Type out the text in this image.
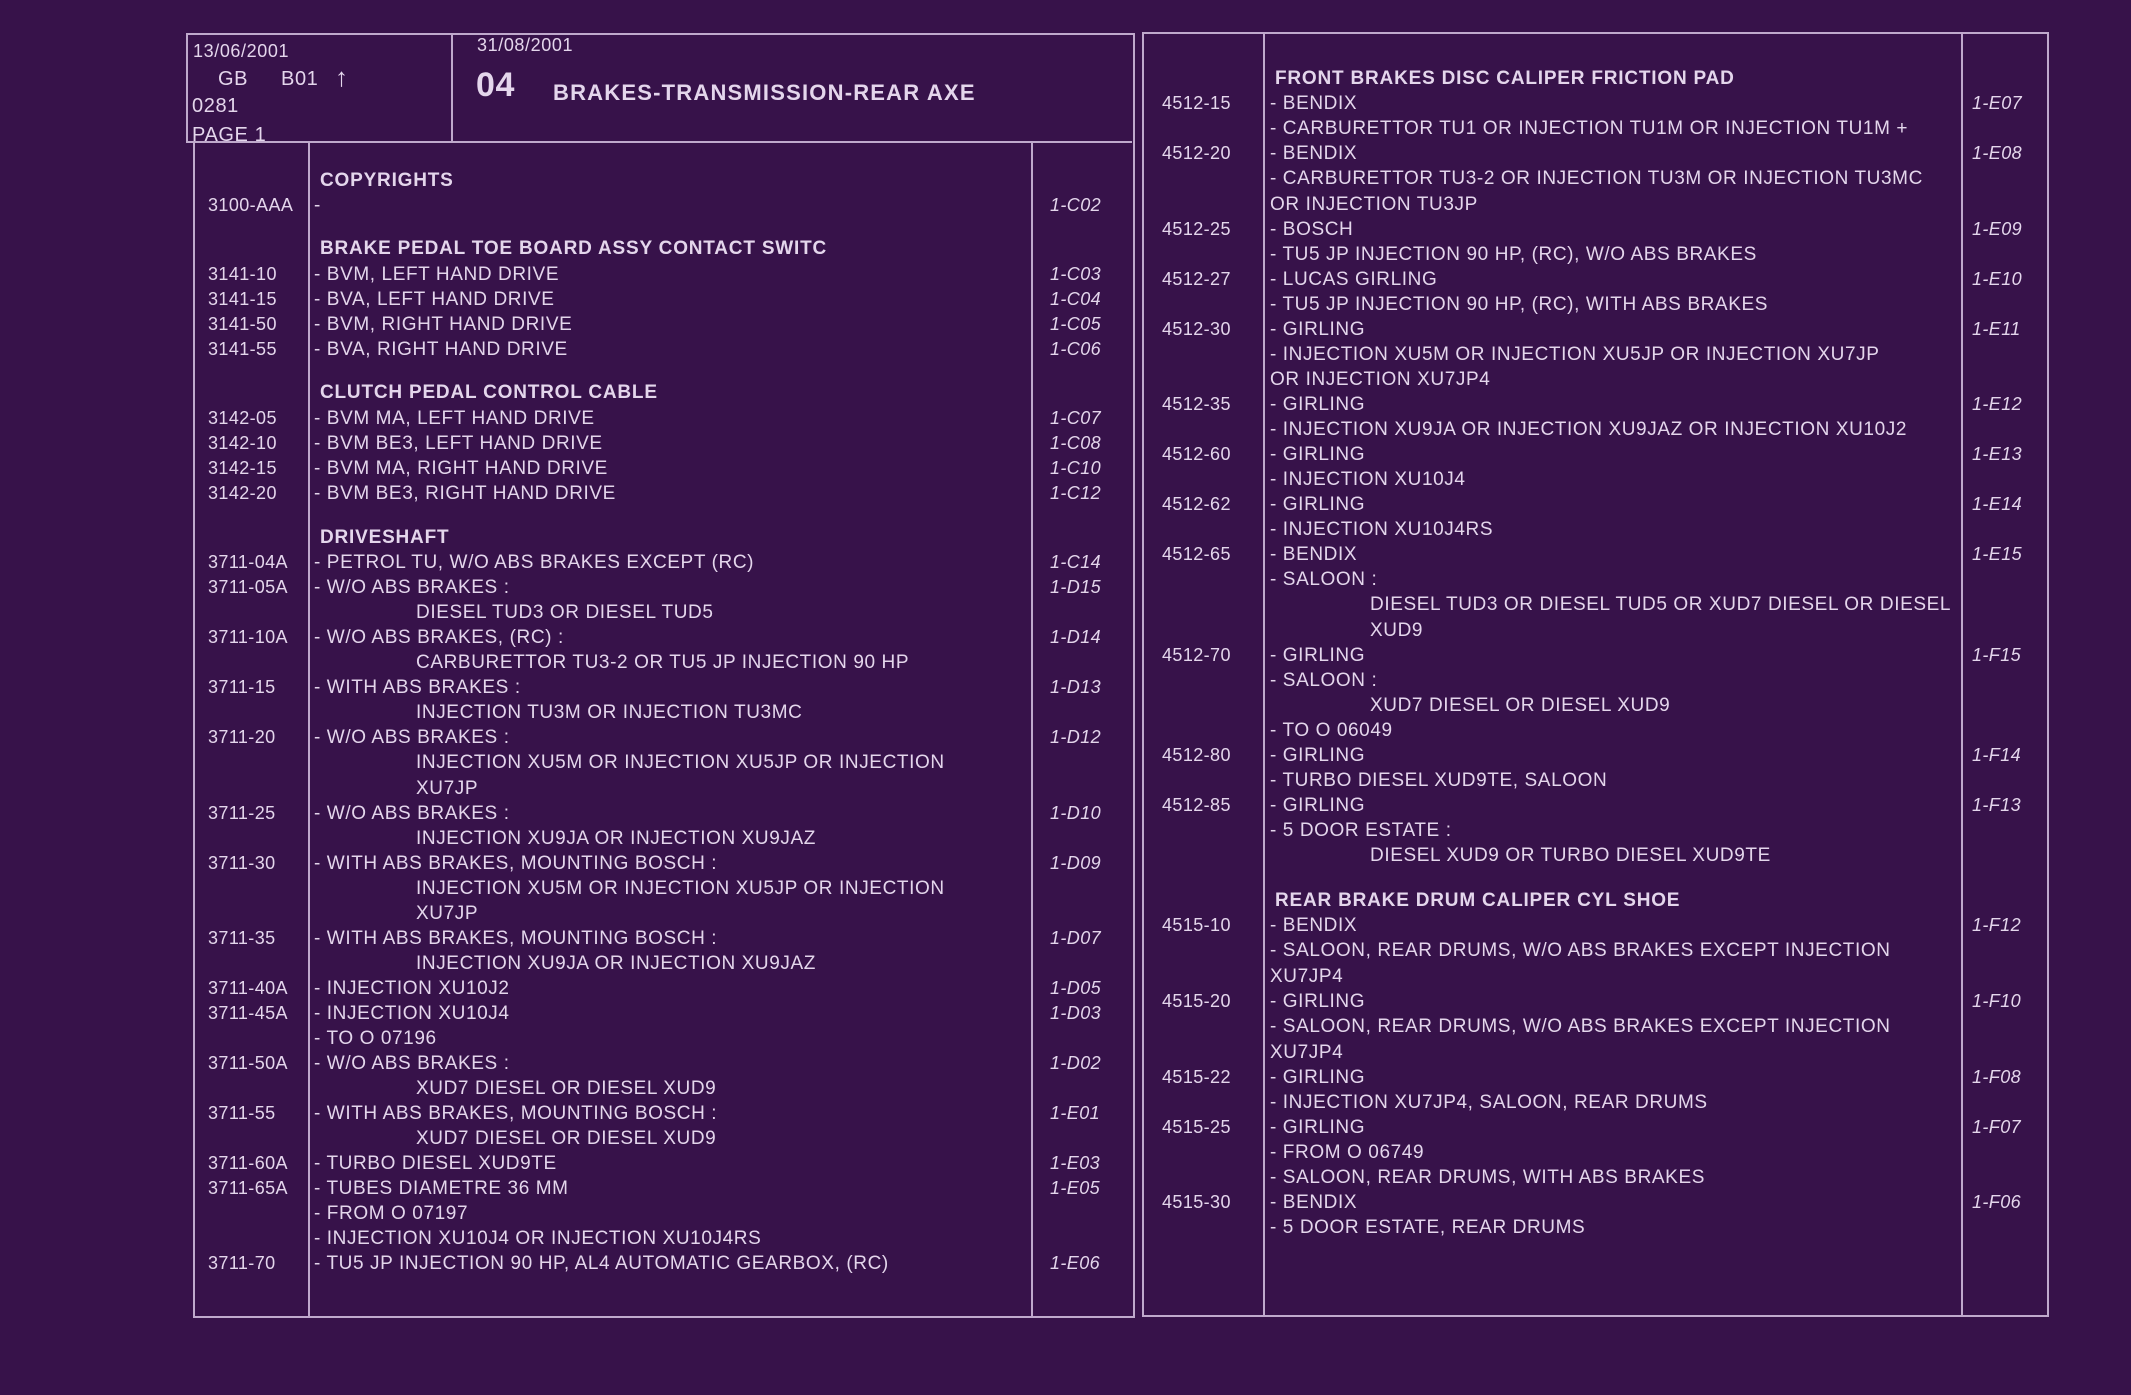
13/06/2001
GB B01 ↑
0281
PAGE 1
31/08/2001
04 BRAKES-TRANSMISSION-REAR AXE
COPYRIGHTS
3100-AAA -	1-C02
BRAKE PEDAL TOE BOARD ASSY CONTACT SWITC
3141-10 - BVM, LEFT HAND DRIVE	1-C03
3141-15 - BVA, LEFT HAND DRIVE	1-C04
3141-50 - BVM, RIGHT HAND DRIVE	1-C05
3141-55 - BVA, RIGHT HAND DRIVE	1-C06
CLUTCH PEDAL CONTROL CABLE
3142-05 - BVM MA, LEFT HAND DRIVE	1-C07
3142-10 - BVM BE3, LEFT HAND DRIVE	1-C08
3142-15 - BVM MA, RIGHT HAND DRIVE	1-C10
3142-20 - BVM BE3, RIGHT HAND DRIVE	1-C12
DRIVESHAFT
3711-04A - PETROL TU, W/O ABS BRAKES EXCEPT (RC)	1-C14
3711-05A - W/O ABS BRAKES :	1-D15
DIESEL TUD3 OR DIESEL TUD5
3711-10A - W/O ABS BRAKES, (RC) :	1-D14
CARBURETTOR TU3-2 OR TU5 JP INJECTION 90 HP
3711-15 - WITH ABS BRAKES :	1-D13
INJECTION TU3M OR INJECTION TU3MC
3711-20 - W/O ABS BRAKES :	1-D12
INJECTION XU5M OR INJECTION XU5JP OR INJECTION
XU7JP
3711-25 - W/O ABS BRAKES :	1-D10
INJECTION XU9JA OR INJECTION XU9JAZ
3711-30 - WITH ABS BRAKES, MOUNTING BOSCH :	1-D09
INJECTION XU5M OR INJECTION XU5JP OR INJECTION
XU7JP
3711-35 - WITH ABS BRAKES, MOUNTING BOSCH :	1-D07
INJECTION XU9JA OR INJECTION XU9JAZ
3711-40A - INJECTION XU10J2	1-D05
3711-45A - INJECTION XU10J4	1-D03
- TO O 07196
3711-50A - W/O ABS BRAKES :	1-D02
XUD7 DIESEL OR DIESEL XUD9
3711-55 - WITH ABS BRAKES, MOUNTING BOSCH :	1-E01
XUD7 DIESEL OR DIESEL XUD9
3711-60A - TURBO DIESEL XUD9TE	1-E03
3711-65A - TUBES DIAMETRE 36 MM	1-E05
- FROM O 07197
- INJECTION XU10J4 OR INJECTION XU10J4RS
3711-70 - TU5 JP INJECTION 90 HP, AL4 AUTOMATIC GEARBOX, (RC)	1-E06
FRONT BRAKES DISC CALIPER FRICTION PAD
4512-15 - BENDIX	1-E07
- CARBURETTOR TU1 OR INJECTION TU1M OR INJECTION TU1M +
4512-20 - BENDIX	1-E08
- CARBURETTOR TU3-2 OR INJECTION TU3M OR INJECTION TU3MC
OR INJECTION TU3JP
4512-25 - BOSCH	1-E09
- TU5 JP INJECTION 90 HP, (RC), W/O ABS BRAKES
4512-27 - LUCAS GIRLING	1-E10
- TU5 JP INJECTION 90 HP, (RC), WITH ABS BRAKES
4512-30 - GIRLING	1-E11
- INJECTION XU5M OR INJECTION XU5JP OR INJECTION XU7JP
OR INJECTION XU7JP4
4512-35 - GIRLING	1-E12
- INJECTION XU9JA OR INJECTION XU9JAZ OR INJECTION XU10J2
4512-60 - GIRLING	1-E13
- INJECTION XU10J4
4512-62 - GIRLING	1-E14
- INJECTION XU10J4RS
4512-65 - BENDIX	1-E15
- SALOON :
DIESEL TUD3 OR DIESEL TUD5 OR XUD7 DIESEL OR DIESEL
XUD9
4512-70 - GIRLING	1-F15
- SALOON :
XUD7 DIESEL OR DIESEL XUD9
- TO O 06049
4512-80 - GIRLING	1-F14
- TURBO DIESEL XUD9TE, SALOON
4512-85 - GIRLING	1-F13
- 5 DOOR ESTATE :
DIESEL XUD9 OR TURBO DIESEL XUD9TE
REAR BRAKE DRUM CALIPER CYL SHOE
4515-10 - BENDIX	1-F12
- SALOON, REAR DRUMS, W/O ABS BRAKES EXCEPT INJECTION
XU7JP4
4515-20 - GIRLING	1-F10
- SALOON, REAR DRUMS, W/O ABS BRAKES EXCEPT INJECTION
XU7JP4
4515-22 - GIRLING	1-F08
- INJECTION XU7JP4, SALOON, REAR DRUMS
4515-25 - GIRLING	1-F07
- FROM O 06749
- SALOON, REAR DRUMS, WITH ABS BRAKES
4515-30 - BENDIX	1-F06
- 5 DOOR ESTATE, REAR DRUMS
